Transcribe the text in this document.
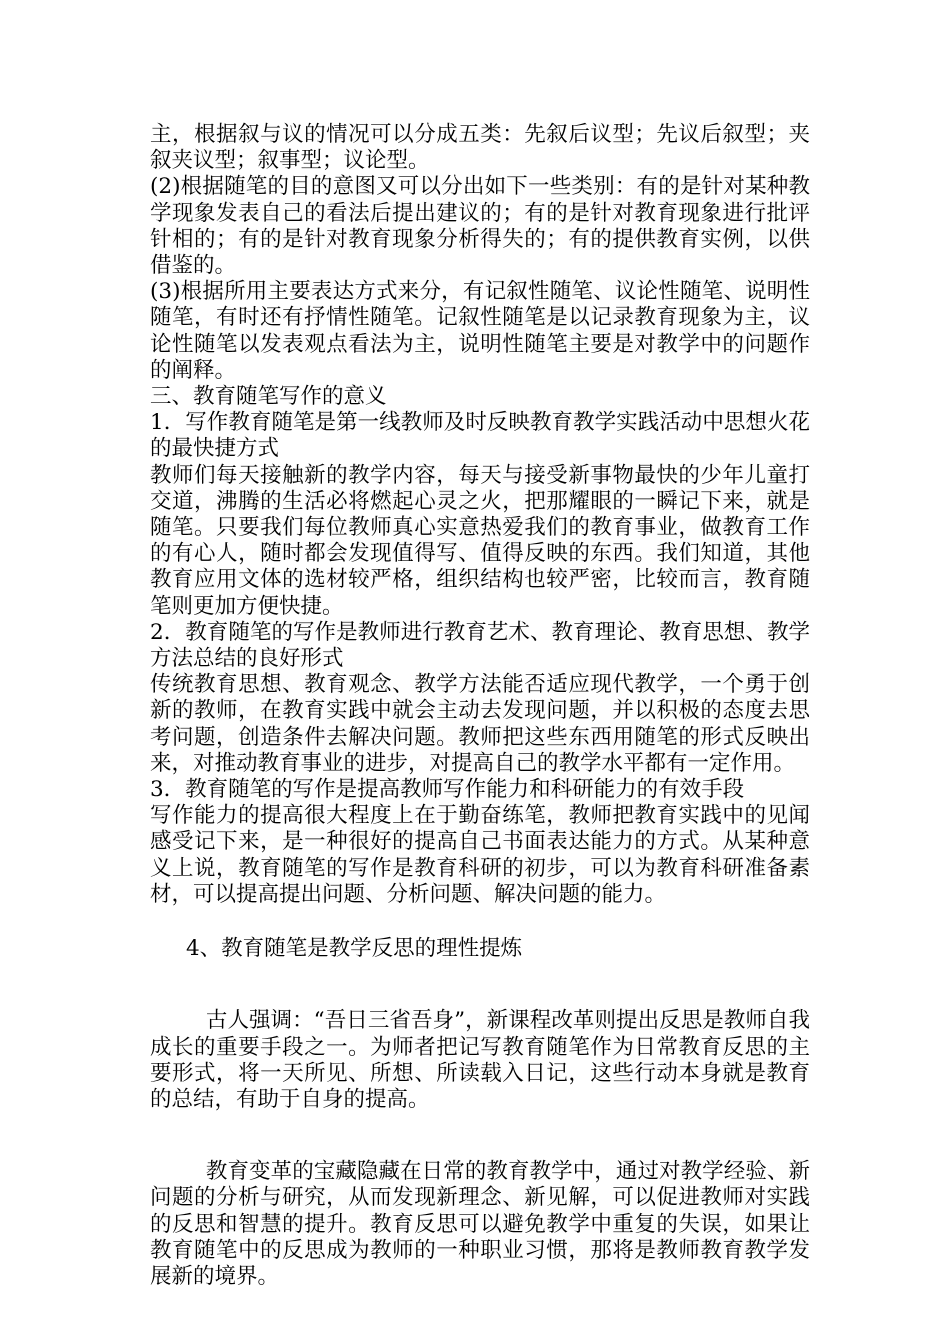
主，根据叙与议的情况可以分成五类：先叙后议型；先议后叙型；夹叙夹议型；叙事型；议论型。

(2)根据随笔的目的意图又可以分出如下一些类别：有的是针对某种教学现象发表自己的看法后提出建议的；有的是针对教育现象进行批评针相的；有的是针对教育现象分析得失的；有的提供教育实例，以供借鉴的。

(3)根据所用主要表达方式来分，有记叙性随笔、议论性随笔、说明性随笔，有时还有抒情性随笔。记叙性随笔是以记录教育现象为主，议论性随笔以发表观点看法为主，说明性随笔主要是对教学中的问题作的阐释。

三、教育随笔写作的意义

1．写作教育随笔是第一线教师及时反映教育教学实践活动中思想火花的最快捷方式

教师们每天接触新的教学内容，每天与接受新事物最快的少年儿童打交道，沸腾的生活必将燃起心灵之火，把那耀眼的一瞬记下来，就是随笔。只要我们每位教师真心实意热爱我们的教育事业，做教育工作的有心人，随时都会发现值得写、值得反映的东西。我们知道，其他教育应用文体的选材较严格，组织结构也较严密，比较而言，教育随笔则更加方便快捷。

2．教育随笔的写作是教师进行教育艺术、教育理论、教育思想、教学方法总结的良好形式

传统教育思想、教育观念、教学方法能否适应现代教学，一个勇于创新的教师，在教育实践中就会主动去发现问题，并以积极的态度去思考问题，创造条件去解决问题。教师把这些东西用随笔的形式反映出来，对推动教育事业的进步，对提高自己的教学水平都有一定作用。

3．教育随笔的写作是提高教师写作能力和科研能力的有效手段

写作能力的提高很大程度上在于勤奋练笔，教师把教育实践中的见闻感受记下来，是一种很好的提高自己书面表达能力的方式。从某种意义上说，教育随笔的写作是教育科研的初步，可以为教育科研准备素材，可以提高提出问题、分析问题、解决问题的能力。

4、教育随笔是教学反思的理性提炼

古人强调：“吾日三省吾身”，新课程改革则提出反思是教师自我成长的重要手段之一。为师者把记写教育随笔作为日常教育反思的主要形式，将一天所见、所想、所读载入日记，这些行动本身就是教育的总结，有助于自身的提高。

教育变革的宝藏隐藏在日常的教育教学中，通过对教学经验、新问题的分析与研究，从而发现新理念、新见解，可以促进教师对实践的反思和智慧的提升。教育反思可以避免教学中重复的失误，如果让教育随笔中的反思成为教师的一种职业习惯，那将是教师教育教学发展新的境界。
